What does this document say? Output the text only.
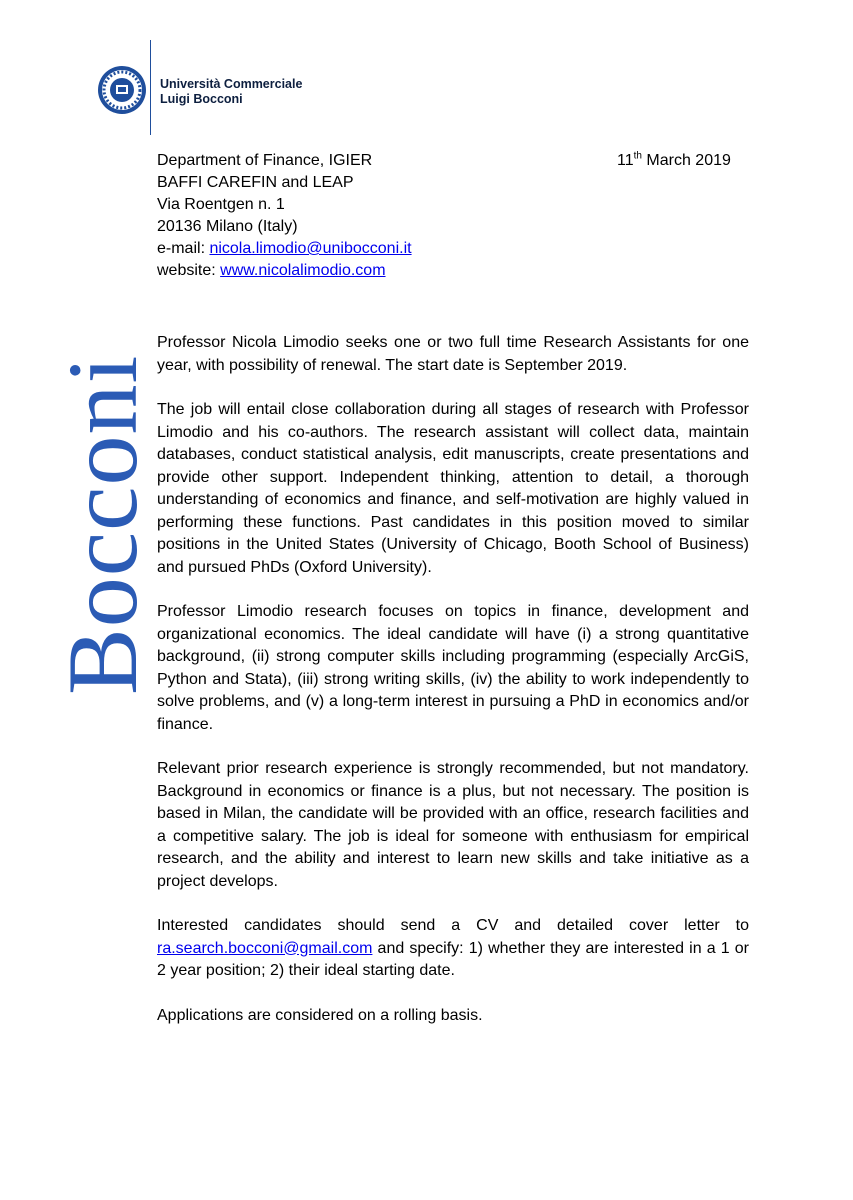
Università Commerciale
Luigi Bocconi
Bocconi
Department of Finance, IGIER
BAFFI CAREFIN and LEAP
Via Roentgen n. 1
20136 Milano (Italy)
e-mail: nicola.limodio@unibocconi.it
website: www.nicolalimodio.com
11th March 2019

Professor Nicola Limodio seeks one or two full time Research Assistants for one year, with possibility of renewal. The start date is September 2019.

The job will entail close collaboration during all stages of research with Professor Limodio and his co-authors. The research assistant will collect data, maintain databases, conduct statistical analysis, edit manuscripts, create presentations and provide other support. Independent thinking, attention to detail, a thorough understanding of economics and finance, and self-motivation are highly valued in performing these functions. Past candidates in this position moved to similar positions in the United States (University of Chicago, Booth School of Business) and pursued PhDs (Oxford University).

Professor Limodio research focuses on topics in finance, development and organizational economics. The ideal candidate will have (i) a strong quantitative background, (ii) strong computer skills including programming (especially ArcGiS, Python and Stata), (iii) strong writing skills, (iv) the ability to work independently to solve problems, and (v) a long-term interest in pursuing a PhD in economics and/or finance.

Relevant prior research experience is strongly recommended, but not mandatory. Background in economics or finance is a plus, but not necessary. The position is based in Milan, the candidate will be provided with an office, research facilities and a competitive salary. The job is ideal for someone with enthusiasm for empirical research, and the ability and interest to learn new skills and take initiative as a project develops.

Interested candidates should send a CV and detailed cover letter to ra.search.bocconi@gmail.com and specify: 1) whether they are interested in a 1 or 2 year position; 2) their ideal starting date.

Applications are considered on a rolling basis.
